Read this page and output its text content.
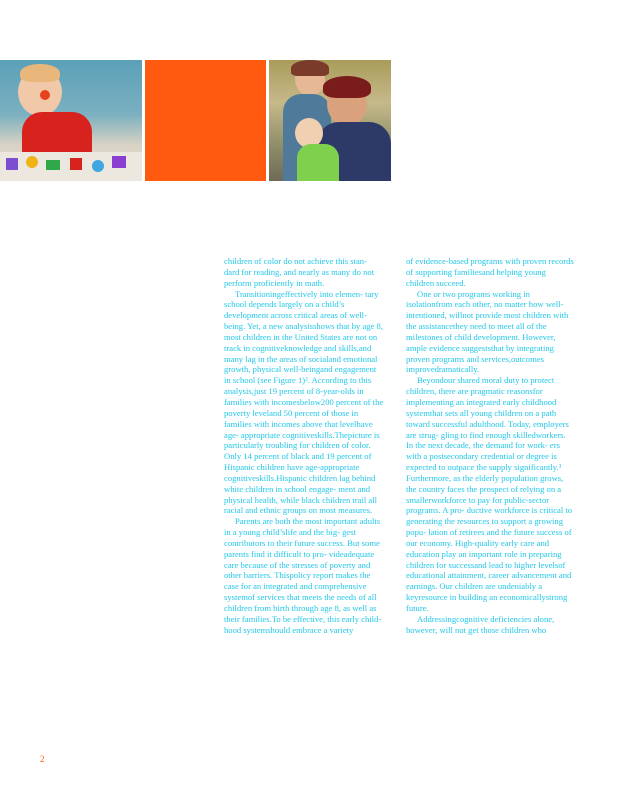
children of color do not achieve this stan- dard for reading, and nearly as many do not perform proficiently in math.

Transitioningeffectively into elemen- tary school depends largely on a child’s development across critical areas of well- being. Yet, a new analysisshows that by age 8, most children in the United States are not on track in cognitiveknowledge and skills,and many lag in the areas of socialand emotional growth, physical well-beingand engagement in school (see Figure 1)². According to this analysis,just 19 percent of 8-year-olds in families with incomesbelow200 percent of the poverty leveland 50 percent of those in families with incomes above that levelhave age- appropriate cognitiveskills.Thepicture is particularly troubling for children of color. Only 14 percent of black and 19 percent of Hispanic children have age-appropriate cognitiveskills.Hispanic children lag behind white children in school engage- ment and physical health, while black children trail all racial and ethnic groups on most measures.

Parents are both the most important adults in a young child’slife and the big- gest contributors to their future success. But some parents find it difficult to pro- videadequate care because of the stresses of poverty and other barriers. Thispolicy report makes the case for an integrated and comprehensive systemof services that meets the needs of all children from birth through age 8, as well as their families.To be effective, this early child- hood systemshould embrace a variety

of evidence-based programs with proven records of supporting familiesand helping young children succeed.

One or two programs working in isolationfrom each other, no matter how well-intentioned, willnot provide most children with the assistancethey need to meet all of the milestones of child development. However, ample evidence suggeststhat by integrating proven programs and services,outcomes improvedramatically.

Beyondour shared moral duty to protect children, there are pragmatic reasonsfor implementing an integrated early childhood systemthat sets all young children on a path toward successful adulthood. Today, employers are strug- gling to find enough skilledworkers. In the next decade, the demand for work- ers with a postsecondary credential or degree is expected to outpace the supply significantly.³ Furthermore, as the elderly population grows, the country faces the prospect of relying on a smallerworkforce to pay for public-sector programs. A pro- ductive workforce is critical to generating the resources to support a growing popu- lation of retirees and the future success of our economy. High-quality early care and education play an important role in preparing children for successand lead to higher levelsof educational attainment, career advancement and earnings. Our children are undeniably a keyresource in building an economicallystrong future.

Addressingcognitive deficiencies alone, however, will not get those children who

2
